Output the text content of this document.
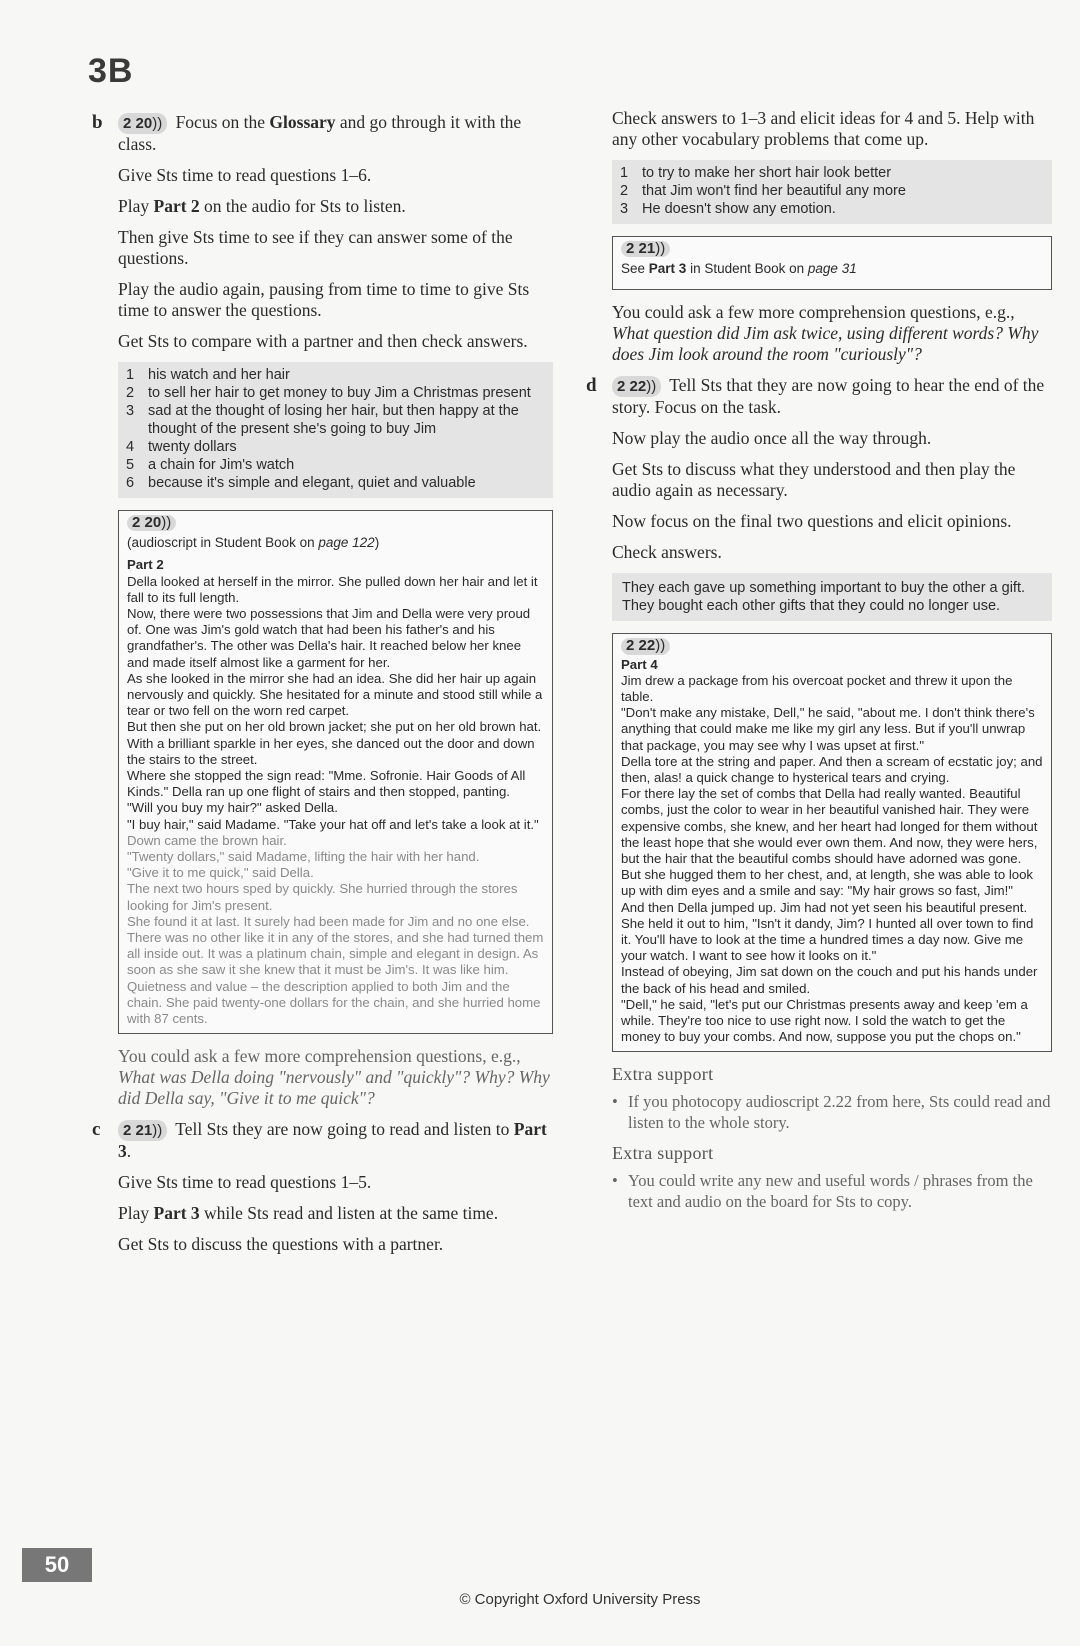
3B
b	2 20)) Focus on the Glossary and go through it with the class.

Give Sts time to read questions 1–6.

Play Part 2 on the audio for Sts to listen.

Then give Sts time to see if they can answer some of the questions.

Play the audio again, pausing from time to time to give Sts time to answer the questions.

Get Sts to compare with a partner and then check answers.

1 his watch and her hair
2 to sell her hair to get money to buy Jim a Christmas present
3 sad at the thought of losing her hair, but then happy at the thought of the present she's going to buy Jim
4 twenty dollars
5 a chain for Jim's watch
6 because it's simple and elegant, quiet and valuable
2 20))
(audioscript in Student Book on page 122)
Part 2
Della looked at herself in the mirror. She pulled down her hair and let it fall to its full length.
Now, there were two possessions that Jim and Della were very proud of. One was Jim's gold watch that had been his father's and his grandfather's. The other was Della's hair. It reached below her knee and made itself almost like a garment for her.
As she looked in the mirror she had an idea. She did her hair up again nervously and quickly. She hesitated for a minute and stood still while a tear or two fell on the worn red carpet.
But then she put on her old brown jacket; she put on her old brown hat. With a brilliant sparkle in her eyes, she danced out the door and down the stairs to the street.
Where she stopped the sign read: "Mme. Sofronie. Hair Goods of All Kinds." Della ran up one flight of stairs and then stopped, panting.
"Will you buy my hair?" asked Della.
"I buy hair," said Madame. "Take your hat off and let's take a look at it."
Down came the brown hair.
"Twenty dollars," said Madame, lifting the hair with her hand.
"Give it to me quick," said Della.
The next two hours sped by quickly. She hurried through the stores looking for Jim's present.
She found it at last. It surely had been made for Jim and no one else. There was no other like it in any of the stores, and she had turned them all inside out. It was a platinum chain, simple and elegant in design. As soon as she saw it she knew that it must be Jim's. It was like him. Quietness and value – the description applied to both Jim and the chain. She paid twenty-one dollars for the chain, and she hurried home with 87 cents.

You could ask a few more comprehension questions, e.g., What was Della doing "nervously" and "quickly"? Why? Why did Della say, "Give it to me quick"?

c	2 21)) Tell Sts they are now going to read and listen to Part 3.

Give Sts time to read questions 1–5.

Play Part 3 while Sts read and listen at the same time.

Get Sts to discuss the questions with a partner.

Check answers to 1–3 and elicit ideas for 4 and 5. Help with any other vocabulary problems that come up.

1 to try to make her short hair look better
2 that Jim won't find her beautiful any more
3 He doesn't show any emotion.
2 21))
See Part 3 in Student Book on page 31

You could ask a few more comprehension questions, e.g., What question did Jim ask twice, using different words? Why does Jim look around the room "curiously"?

d	2 22)) Tell Sts that they are now going to hear the end of the story. Focus on the task.

Now play the audio once all the way through.

Get Sts to discuss what they understood and then play the audio again as necessary.

Now focus on the final two questions and elicit opinions.

Check answers.

They each gave up something important to buy the other a gift. They bought each other gifts that they could no longer use.
2 22))
Part 4
Jim drew a package from his overcoat pocket and threw it upon the table.
"Don't make any mistake, Dell," he said, "about me. I don't think there's anything that could make me like my girl any less. But if you'll unwrap that package, you may see why I was upset at first."
Della tore at the string and paper. And then a scream of ecstatic joy; and then, alas! a quick change to hysterical tears and crying.
For there lay the set of combs that Della had really wanted. Beautiful combs, just the color to wear in her beautiful vanished hair. They were expensive combs, she knew, and her heart had longed for them without the least hope that she would ever own them. And now, they were hers, but the hair that the beautiful combs should have adorned was gone.
But she hugged them to her chest, and, at length, she was able to look up with dim eyes and a smile and say: "My hair grows so fast, Jim!"
And then Della jumped up. Jim had not yet seen his beautiful present. She held it out to him, "Isn't it dandy, Jim? I hunted all over town to find it. You'll have to look at the time a hundred times a day now. Give me your watch. I want to see how it looks on it."
Instead of obeying, Jim sat down on the couch and put his hands under the back of his head and smiled.
"Dell," he said, "let's put our Christmas presents away and keep 'em a while. They're too nice to use right now. I sold the watch to get the money to buy your combs. And now, suppose you put the chops on."
Extra support
• If you photocopy audioscript 2.22 from here, Sts could read and listen to the whole story.
Extra support
• You could write any new and useful words / phrases from the text and audio on the board for Sts to copy.
50
© Copyright Oxford University Press
